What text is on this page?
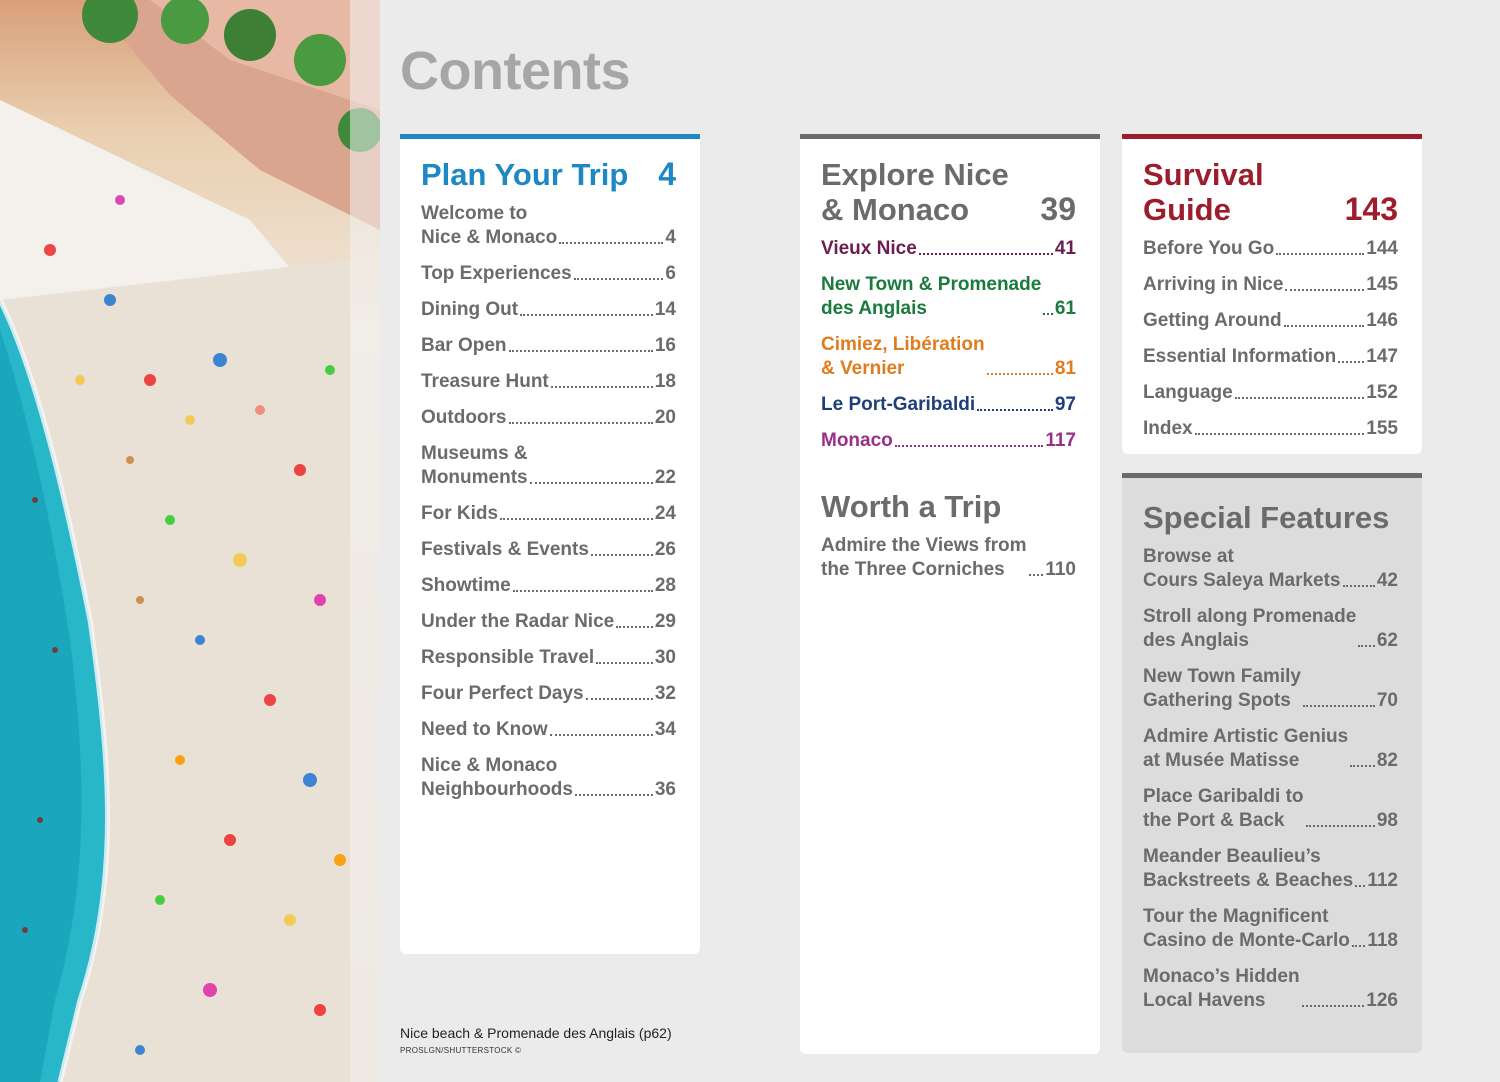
Contents
Plan Your Trip 4
Welcome to
Nice & Monaco	4
Top Experiences	6
Dining Out	14
Bar Open	16
Treasure Hunt	18
Outdoors	20
Museums &
Monuments	22
For Kids	24
Festivals & Events	26
Showtime	28
Under the Radar Nice 29
Responsible Travel	30
Four Perfect Days	32
Need to Know	34
Nice & Monaco
Neighbourhoods	36
Explore Nice
& Monaco	39
Vieux Nice	41
New Town & Promenade
des Anglais	61
Cimiez, Libération
& Vernier	81
Le Port-Garibaldi	97
Monaco	117
Worth a Trip
Admire the Views from
the Three Corniches	110
Survival
Guide	143
Before You Go	144
Arriving in Nice	145
Getting Around	146
Essential Information 147
Language	152
Index	155
Special Features
Browse at
Cours Saleya Markets 42
Stroll along Promenade
des Anglais	62
New Town Family
Gathering Spots	70
Admire Artistic Genius
at Musée Matisse	82
Place Garibaldi to
the Port & Back	98
Meander Beaulieu’s
Backstreets & Beaches 112
Tour the Magnificent
Casino de Monte-Carlo 118
Monaco’s Hidden
Local Havens	126
Nice beach & Promenade des Anglais (p62)
PROSLGN/SHUTTERSTOCK ©
